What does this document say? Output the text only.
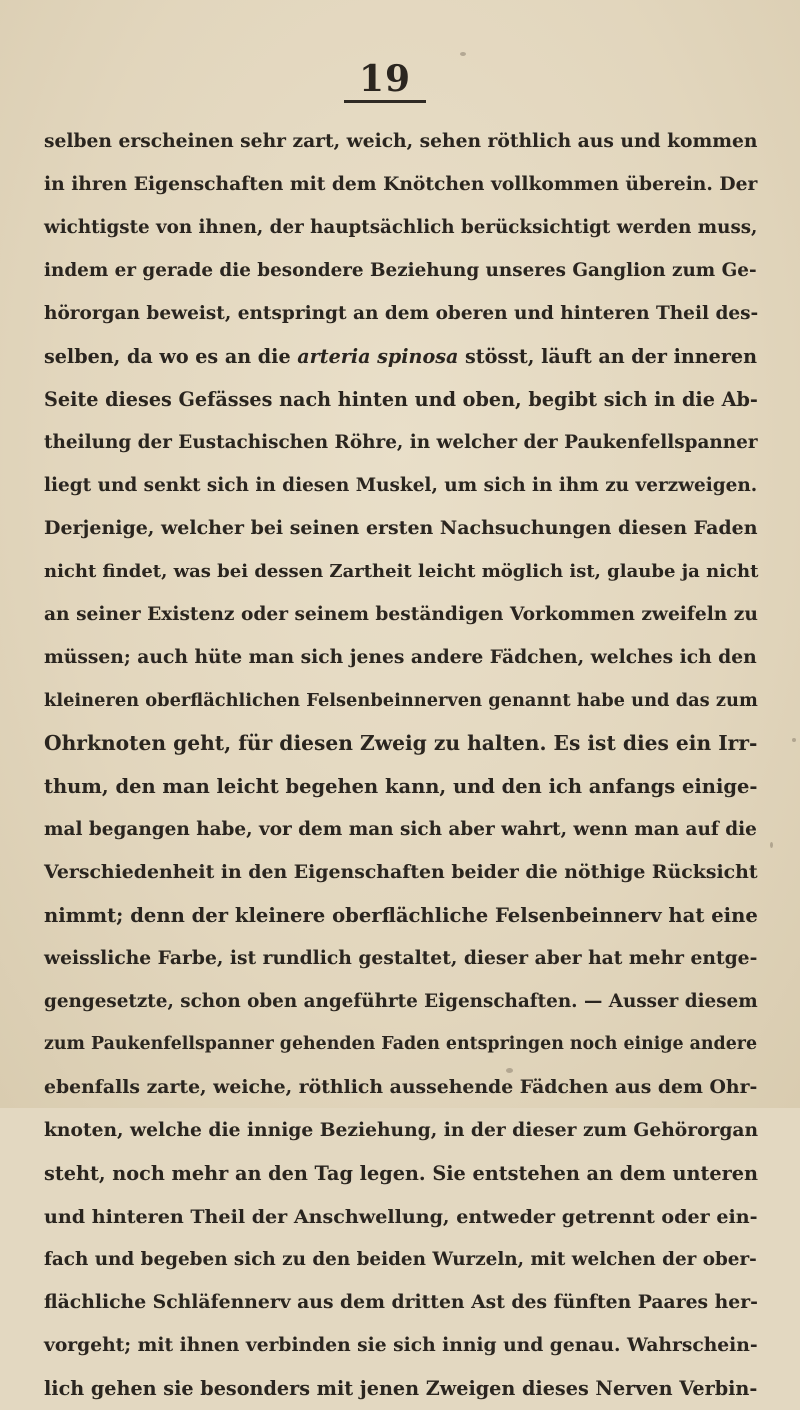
19
selben erscheinen sehr zart, weich, sehen röthlich aus und kommen
in ihren Eigenschaften mit dem Knötchen vollkommen überein. Der
wichtigste von ihnen, der hauptsächlich berücksichtigt werden muss,
indem er gerade die besondere Beziehung unseres Ganglion zum Ge-
hörorgan beweist, entspringt an dem oberen und hinteren Theil des-
selben, da wo es an die arteria spinosa stösst, läuft an der inneren
Seite dieses Gefässes nach hinten und oben, begibt sich in die Ab-
theilung der Eustachischen Röhre, in welcher der Paukenfellspanner
liegt und senkt sich in diesen Muskel, um sich in ihm zu verzweigen.
Derjenige, welcher bei seinen ersten Nachsuchungen diesen Faden
nicht findet, was bei dessen Zartheit leicht möglich ist, glaube ja nicht
an seiner Existenz oder seinem beständigen Vorkommen zweifeln zu
müssen; auch hüte man sich jenes andere Fädchen, welches ich den
kleineren oberflächlichen Felsenbeinnerven genannt habe und das zum
Ohrknoten geht, für diesen Zweig zu halten. Es ist dies ein Irr-
thum, den man leicht begehen kann, und den ich anfangs einige-
mal begangen habe, vor dem man sich aber wahrt, wenn man auf die
Verschiedenheit in den Eigenschaften beider die nöthige Rücksicht
nimmt; denn der kleinere oberflächliche Felsenbeinnerv hat eine
weissliche Farbe, ist rundlich gestaltet, dieser aber hat mehr entge-
gengesetzte, schon oben angeführte Eigenschaften. — Ausser diesem
zum Paukenfellspanner gehenden Faden entspringen noch einige andere
ebenfalls zarte, weiche, röthlich aussehende Fädchen aus dem Ohr-
knoten, welche die innige Beziehung, in der dieser zum Gehörorgan
steht, noch mehr an den Tag legen. Sie entstehen an dem unteren
und hinteren Theil der Anschwellung, entweder getrennt oder ein-
fach und begeben sich zu den beiden Wurzeln, mit welchen der ober-
flächliche Schläfennerv aus dem dritten Ast des fünften Paares her-
vorgeht; mit ihnen verbinden sie sich innig und genau. Wahrschein-
lich gehen sie besonders mit jenen Zweigen dieses Nerven Verbin-
